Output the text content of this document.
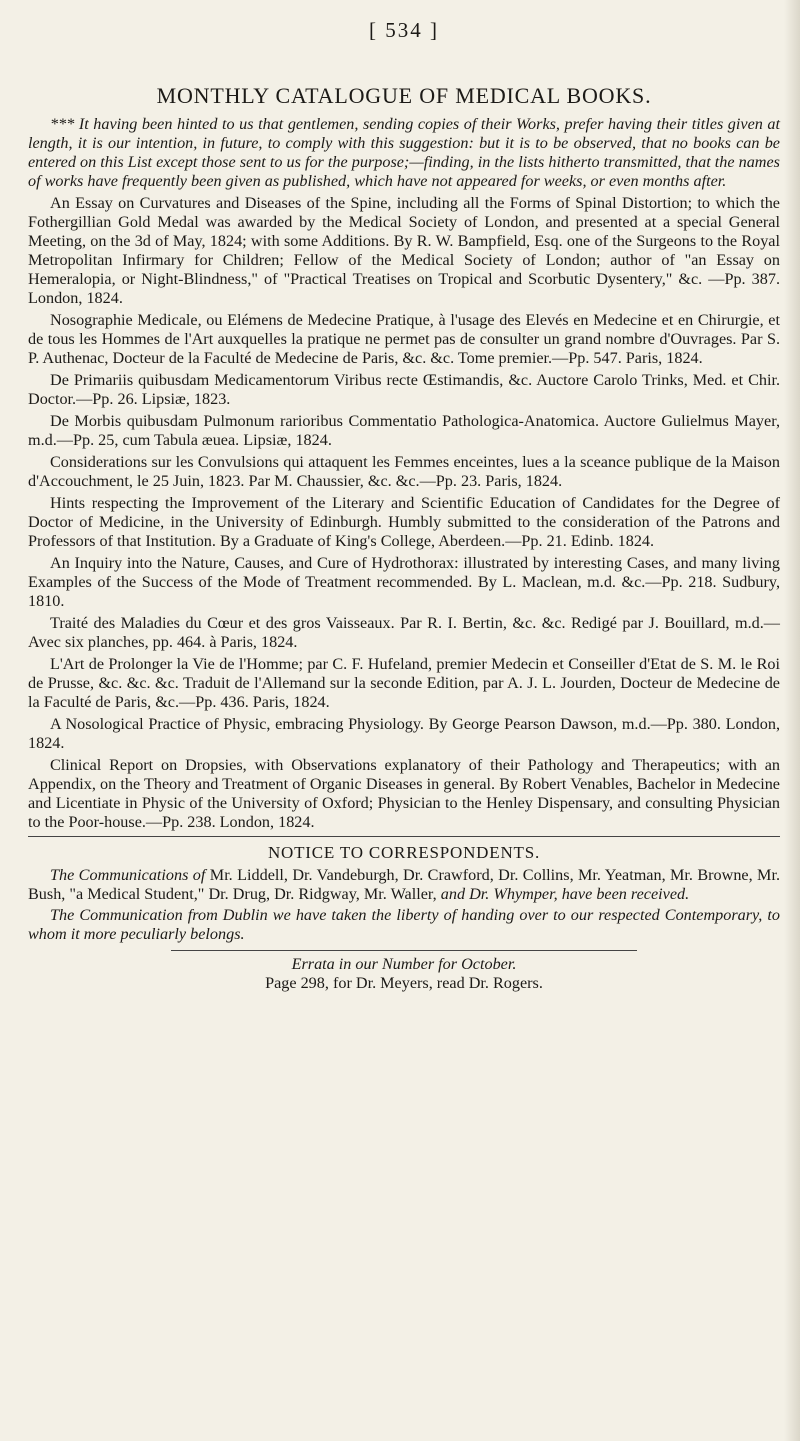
[ 534 ]
MONTHLY CATALOGUE OF MEDICAL BOOKS.

*** It having been hinted to us that gentlemen, sending copies of their Works, prefer having their titles given at length, it is our intention, in future, to comply with this suggestion: but it is to be observed, that no books can be entered on this List except those sent to us for the purpose;—finding, in the lists hitherto transmitted, that the names of works have frequently been given as published, which have not appeared for weeks, or even months after.

An Essay on Curvatures and Diseases of the Spine, including all the Forms of Spinal Distortion; to which the Fothergillian Gold Medal was awarded by the Medical Society of London, and presented at a special General Meeting, on the 3d of May, 1824; with some Additions. By R. W. Bampfield, Esq. one of the Surgeons to the Royal Metropolitan Infirmary for Children; Fellow of the Medical Society of London; author of "an Essay on Hemeralopia, or Night-Blindness," of "Practical Treatises on Tropical and Scorbutic Dysentery," &c. —Pp. 387. London, 1824.

Nosographie Medicale, ou Elémens de Medecine Pratique, à l'usage des Elevés en Medecine et en Chirurgie, et de tous les Hommes de l'Art auxquelles la pratique ne permet pas de consulter un grand nombre d'Ouvrages. Par S. P. Authenac, Docteur de la Faculté de Medecine de Paris, &c. &c. Tome premier.—Pp. 547. Paris, 1824.

De Primariis quibusdam Medicamentorum Viribus recte Œstimandis, &c. Auctore Carolo Trinks, Med. et Chir. Doctor.—Pp. 26. Lipsiæ, 1823.

De Morbis quibusdam Pulmonum rarioribus Commentatio Pathologica-Anatomica. Auctore Gulielmus Mayer, m.d.—Pp. 25, cum Tabula æuea. Lipsiæ, 1824.

Considerations sur les Convulsions qui attaquent les Femmes enceintes, lues a la sceance publique de la Maison d'Accouchment, le 25 Juin, 1823. Par M. Chaussier, &c. &c.—Pp. 23. Paris, 1824.

Hints respecting the Improvement of the Literary and Scientific Education of Candidates for the Degree of Doctor of Medicine, in the University of Edinburgh. Humbly submitted to the consideration of the Patrons and Professors of that Institution. By a Graduate of King's College, Aberdeen.—Pp. 21. Edinb. 1824.

An Inquiry into the Nature, Causes, and Cure of Hydrothorax: illustrated by interesting Cases, and many living Examples of the Success of the Mode of Treatment recommended. By L. Maclean, m.d. &c.—Pp. 218. Sudbury, 1810.

Traité des Maladies du Cœur et des gros Vaisseaux. Par R. I. Bertin, &c. &c. Redigé par J. Bouillard, m.d.—Avec six planches, pp. 464. à Paris, 1824.

L'Art de Prolonger la Vie de l'Homme; par C. F. Hufeland, premier Medecin et Conseiller d'Etat de S. M. le Roi de Prusse, &c. &c. &c. Traduit de l'Allemand sur la seconde Edition, par A. J. L. Jourden, Docteur de Medecine de la Faculté de Paris, &c.—Pp. 436. Paris, 1824.

A Nosological Practice of Physic, embracing Physiology. By George Pearson Dawson, m.d.—Pp. 380. London, 1824.

Clinical Report on Dropsies, with Observations explanatory of their Pathology and Therapeutics; with an Appendix, on the Theory and Treatment of Organic Diseases in general. By Robert Venables, Bachelor in Medecine and Licentiate in Physic of the University of Oxford; Physician to the Henley Dispensary, and consulting Physician to the Poor-house.—Pp. 238. London, 1824.

NOTICE TO CORRESPONDENTS.

The Communications of Mr. Liddell, Dr. Vandeburgh, Dr. Crawford, Dr. Collins, Mr. Yeatman, Mr. Browne, Mr. Bush, "a Medical Student," Dr. Drug, Dr. Ridgway, Mr. Waller, and Dr. Whymper, have been received.

The Communication from Dublin we have taken the liberty of handing over to our respected Contemporary, to whom it more peculiarly belongs.

Errata in our Number for October.

Page 298, for Dr. Meyers, read Dr. Rogers.
